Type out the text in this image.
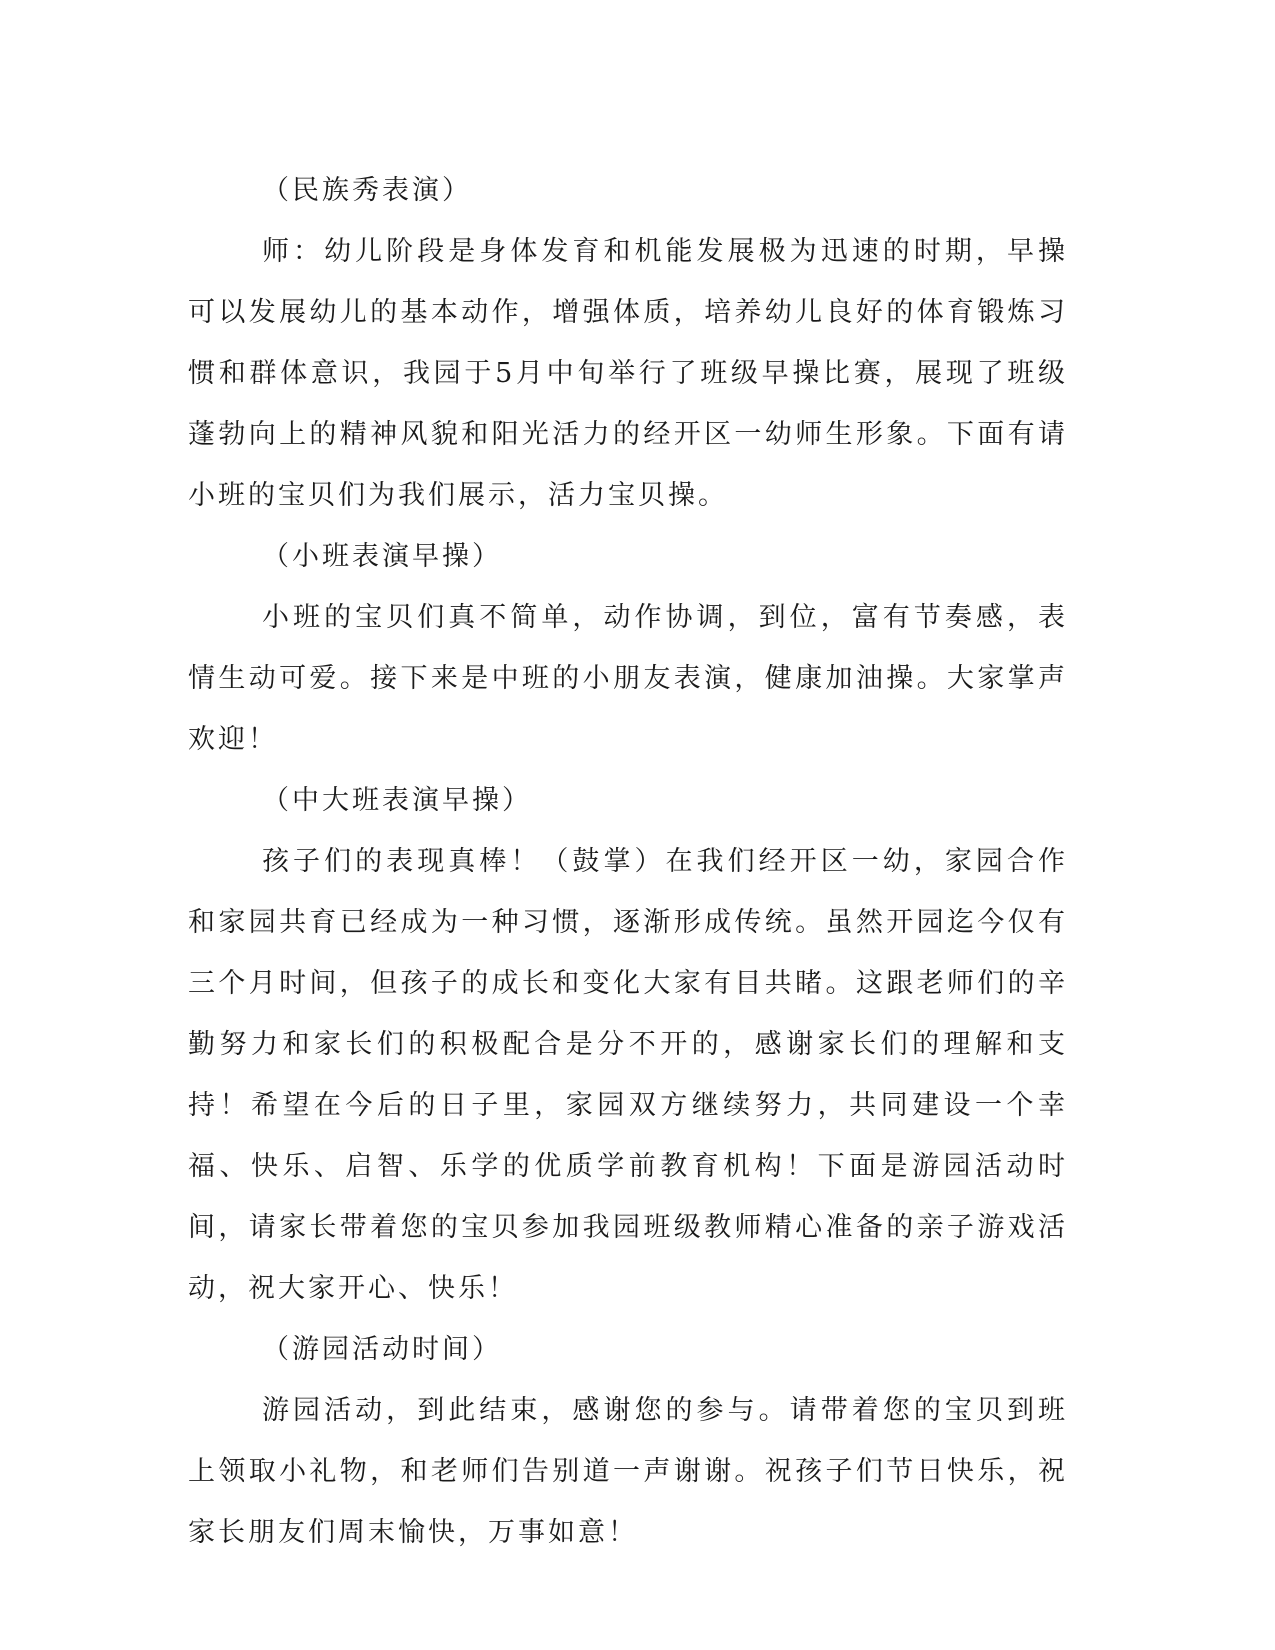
（民族秀表演）

师：幼儿阶段是身体发育和机能发展极为迅速的时期，早操可以发展幼儿的基本动作，增强体质，培养幼儿良好的体育锻炼习惯和群体意识，我园于5月中旬举行了班级早操比赛，展现了班级蓬勃向上的精神风貌和阳光活力的经开区一幼师生形象。下面有请小班的宝贝们为我们展示，活力宝贝操。

（小班表演早操）

小班的宝贝们真不简单，动作协调，到位，富有节奏感，表情生动可爱。接下来是中班的小朋友表演，健康加油操。大家掌声欢迎！

（中大班表演早操）

孩子们的表现真棒！（鼓掌）在我们经开区一幼，家园合作和家园共育已经成为一种习惯，逐渐形成传统。虽然开园迄今仅有三个月时间，但孩子的成长和变化大家有目共睹。这跟老师们的辛勤努力和家长们的积极配合是分不开的，感谢家长们的理解和支持！希望在今后的日子里，家园双方继续努力，共同建设一个幸福、快乐、启智、乐学的优质学前教育机构！下面是游园活动时间，请家长带着您的宝贝参加我园班级教师精心准备的亲子游戏活动，祝大家开心、快乐！

（游园活动时间）

游园活动，到此结束，感谢您的参与。请带着您的宝贝到班上领取小礼物，和老师们告别道一声谢谢。祝孩子们节日快乐，祝家长朋友们周末愉快，万事如意！
